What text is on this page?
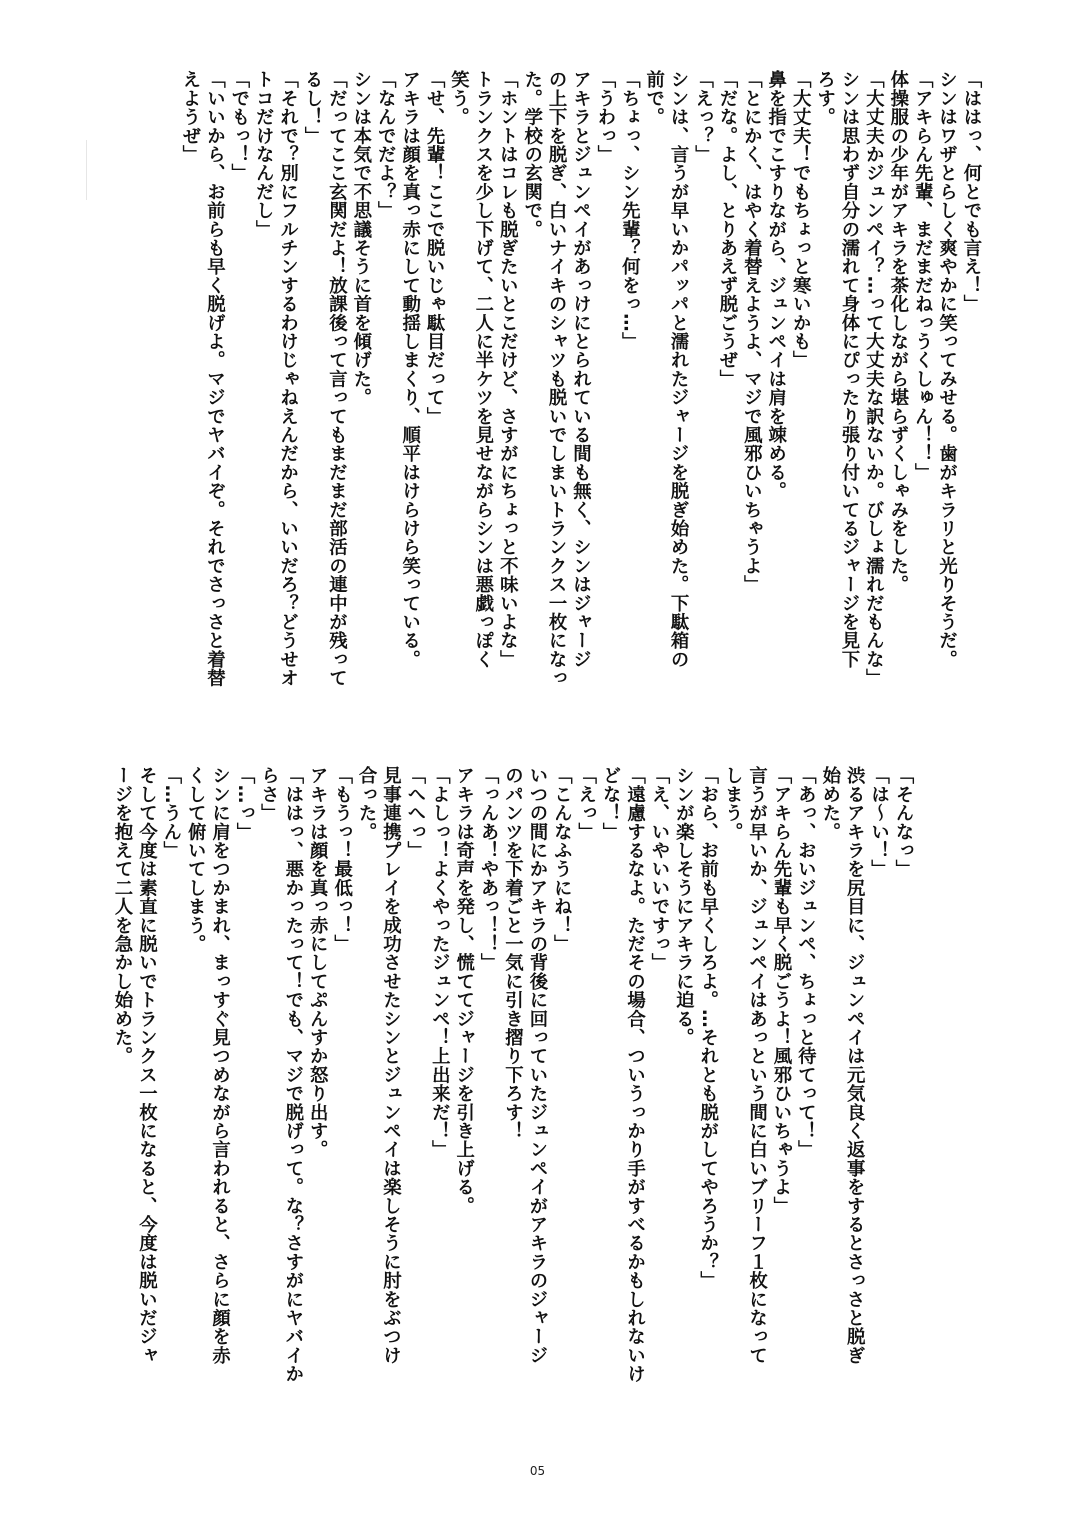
「ははっ、何とでも言え！」

シンはワザとらしく爽やかに笑ってみせる。歯がキラリと光りそうだ。

「アキらん先輩、まだまだねっうくしゅん！！」

体操服の少年がアキラを茶化しながら堪らずくしゃみをした。

「大丈夫かジュンペイ？…って大丈夫な訳ないか。びしょ濡れだもんな」

シンは思わず自分の濡れて身体にぴったり張り付いてるジャージを見下

ろす。

「大丈夫！でもちょっと寒いかも」

鼻を指でこすりながら、ジュンペイは肩を竦める。

「とにかく、はやく着替えようよ、マジで風邪ひいちゃうよ」

「だな。よし、とりあえず脱ごうぜ」

「えっ？」

シンは、言うが早いかパッパと濡れたジャージを脱ぎ始めた。下駄箱の

前で。

「ちょっ、シン先輩？何をっ…」

「うわっ」

アキラとジュンペイがあっけにとられている間も無く、シンはジャージ

の上下を脱ぎ、白いナイキのシャツも脱いでしまいトランクス一枚になっ

た。学校の玄関で。

「ホントはコレも脱ぎたいとこだけど、さすがにちょっと不味いよな」

トランクスを少し下げて、二人に半ケツを見せながらシンは悪戯っぽく

笑う。

「せ、先輩！ここで脱いじゃ駄目だって」

アキラは顔を真っ赤にして動揺しまくり、順平はけらけら笑っている。

「なんでだよ？」

シンは本気で不思議そうに首を傾げた。

「だってここ玄関だよ！放課後って言ってもまだまだ部活の連中が残って

るし！」

「それで？別にフルチンするわけじゃねえんだから、いいだろ？どうせオ

トコだけなんだし」

「でもっ！」

「いいから、お前らも早く脱げよ。マジでヤバイぞ。それでさっさと着替

えようぜ」

「そんなっ」

「は～い！」

渋るアキラを尻目に、ジュンペイは元気良く返事をするとさっさと脱ぎ

始めた。

「あっ、おいジュンペ、ちょっと待てって！」

「アキらん先輩も早く脱ごうよ！風邪ひいちゃうよ」

言うが早いか、ジュンペイはあっという間に白いブリーフ１枚になって

しまう。

「おら、お前も早くしろよ。…それとも脱がしてやろうか？」

シンが楽しそうにアキラに迫る。

「え、いやいいですっ」

「遠慮するなよ。ただその場合、ついうっかり手がすべるかもしれないけ

どな！」

「えっ」

「こんなふうにね！」

いつの間にかアキラの背後に回っていたジュンペイがアキラのジャージ

のパンツを下着ごと一気に引き摺り下ろす！

「っんあ！やあっ！！」

アキラは奇声を発し、慌ててジャージを引き上げる。

「よしっ！よくやったジュンペ！上出来だ！」

「へへっ」

見事連携プレイを成功させたシンとジュンペイは楽しそうに肘をぶつけ

合った。

「もうっ！最低っ！」

アキラは顔を真っ赤にしてぷんすか怒り出す。

「ははっ、悪かったって！でも、マジで脱げって。な？さすがにヤバイか

らさ」

「…っ」

シンに肩をつかまれ、まっすぐ見つめながら言われると、さらに顔を赤

くして俯いてしまう。

「…うん」

そして今度は素直に脱いでトランクス一枚になると、今度は脱いだジャ

ージを抱えて二人を急かし始めた。

05
